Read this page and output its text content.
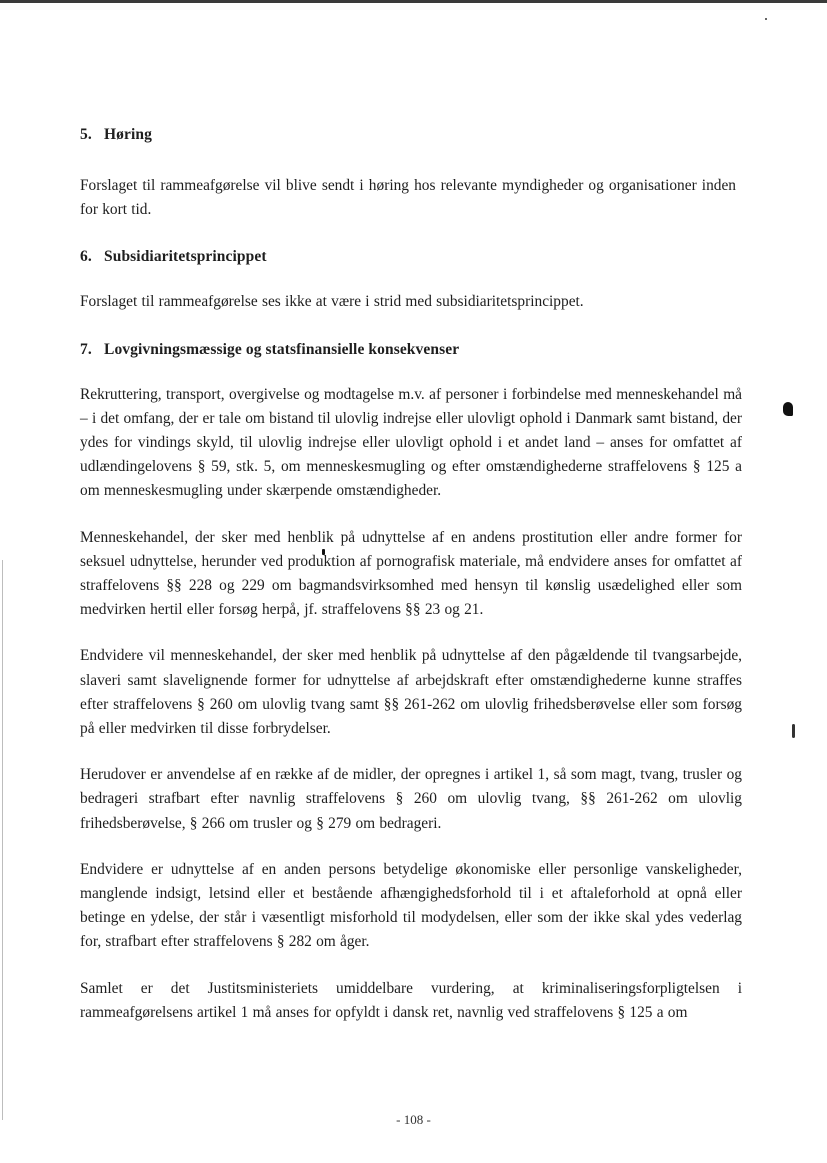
5. Høring

Forslaget til rammeafgørelse vil blive sendt i høring hos relevante myndigheder og organisationer inden for kort tid.

6. Subsidiaritetsprincippet

Forslaget til rammeafgørelse ses ikke at være i strid med subsidiaritetsprincippet.

7. Lovgivningsmæssige og statsfinansielle konsekvenser

Rekruttering, transport, overgivelse og modtagelse m.v. af personer i forbindelse med menneskehandel må – i det omfang, der er tale om bistand til ulovlig indrejse eller ulovligt ophold i Danmark samt bistand, der ydes for vindings skyld, til ulovlig indrejse eller ulovligt ophold i et andet land – anses for omfattet af udlændingelovens § 59, stk. 5, om menneskesmugling og efter omstændighederne straffelovens § 125 a om menneskesmugling under skærpende omstændigheder.

Menneskehandel, der sker med henblik på udnyttelse af en andens prostitution eller andre former for seksuel udnyttelse, herunder ved produktion af pornografisk materiale, må endvidere anses for omfattet af straffelovens §§ 228 og 229 om bagmandsvirksomhed med hensyn til kønslig usædelighed eller som medvirken hertil eller forsøg herpå, jf. straffelovens §§ 23 og 21.

Endvidere vil menneskehandel, der sker med henblik på udnyttelse af den pågældende til tvangsarbejde, slaveri samt slavelignende former for udnyttelse af arbejdskraft efter omstændighederne kunne straffes efter straffelovens § 260 om ulovlig tvang samt §§ 261-262 om ulovlig frihedsberøvelse eller som forsøg på eller medvirken til disse forbrydelser.

Herudover er anvendelse af en række af de midler, der opregnes i artikel 1, så som magt, tvang, trusler og bedrageri strafbart efter navnlig straffelovens § 260 om ulovlig tvang, §§ 261-262 om ulovlig frihedsberøvelse, § 266 om trusler og § 279 om bedrageri.

Endvidere er udnyttelse af en anden persons betydelige økonomiske eller personlige vanskeligheder, manglende indsigt, letsind eller et bestående afhængighedsforhold til i et aftaleforhold at opnå eller betinge en ydelse, der står i væsentligt misforhold til modydelsen, eller som der ikke skal ydes vederlag for, strafbart efter straffelovens § 282 om åger.

Samlet er det Justitsministeriets umiddelbare vurdering, at kriminaliseringsforpligtelsen i rammeafgørelsens artikel 1 må anses for opfyldt i dansk ret, navnlig ved straffelovens § 125 a om

- 108 -
